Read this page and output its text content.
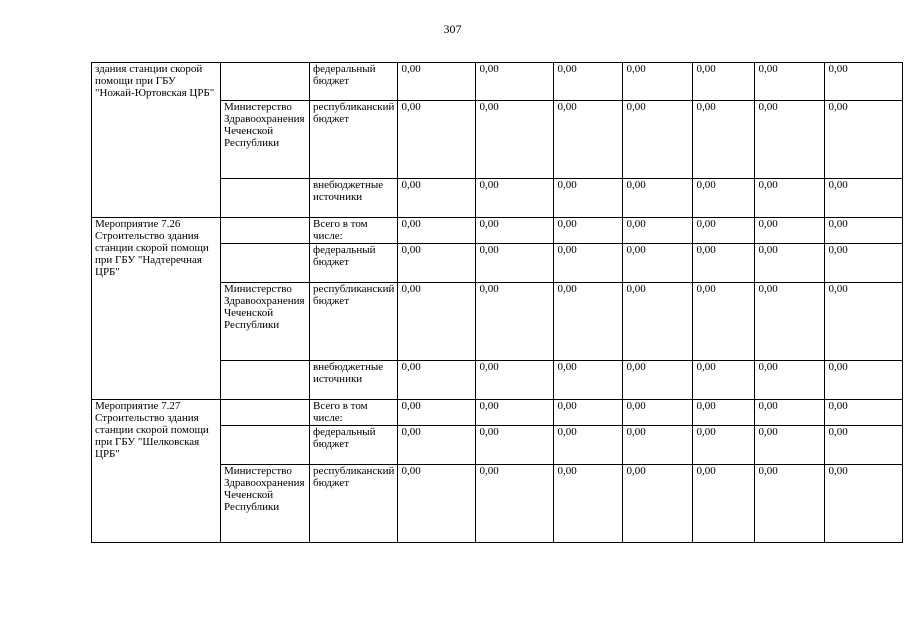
307
здания станции скорой помощи при ГБУ "Ножай-Юртовская ЦРБ"		федеральный бюджет	0,00	0,00	0,00	0,00	0,00	0,00	0,00
	Министерство Здравоохранения Чеченской Республики	республиканский бюджет	0,00	0,00	0,00	0,00	0,00	0,00	0,00
		внебюджетные источники	0,00	0,00	0,00	0,00	0,00	0,00	0,00
Мероприятие 7.26 Строительство здания станции скорой помощи при ГБУ "Надтеречная ЦРБ"		Всего в том числе:	0,00	0,00	0,00	0,00	0,00	0,00	0,00
		федеральный бюджет	0,00	0,00	0,00	0,00	0,00	0,00	0,00
	Министерство Здравоохранения Чеченской Республики	республиканский бюджет	0,00	0,00	0,00	0,00	0,00	0,00	0,00
		внебюджетные источники	0,00	0,00	0,00	0,00	0,00	0,00	0,00
Мероприятие 7.27 Строительство здания станции скорой помощи при ГБУ "Шелковская ЦРБ"		Всего в том числе:	0,00	0,00	0,00	0,00	0,00	0,00	0,00
		федеральный бюджет	0,00	0,00	0,00	0,00	0,00	0,00	0,00
	Министерство Здравоохранения Чеченской Республики	республиканский бюджет	0,00	0,00	0,00	0,00	0,00	0,00	0,00
